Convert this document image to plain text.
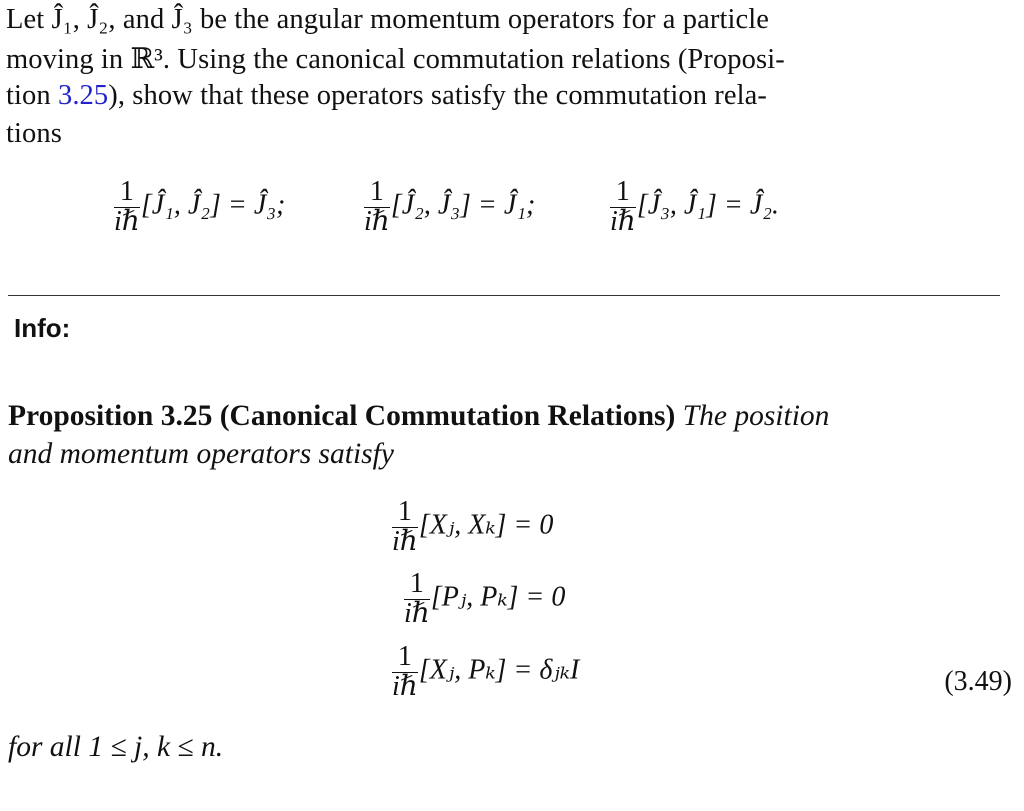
Let Ĵ₁, Ĵ₂, and Ĵ₃ be the angular momentum operators for a particle
moving in ℝ³. Using the canonical commutation relations (Proposi-
tion 3.25), show that these operators satisfy the commutation rela-
tions
$\frac{1}{\text{iℏ}}$ [Ĵ₁, Ĵ₂] = Ĵ₃;	$\frac{1}{\text{iℏ}}$ [Ĵ₂, Ĵ₃] = Ĵ₁;	$\frac{1}{\text{iℏ}}$ [Ĵ₃, Ĵ₁] = Ĵ₂.
Info:
Proposition 3.25 (Canonical Commutation Relations) The position
and momentum operators satisfy
$\frac{1}{\text{iℏ}}$ [Xⱼ, Xₖ] = 0
$\frac{1}{\text{iℏ}}$ [Pⱼ, Pₖ] = 0
$\frac{1}{\text{iℏ}}$ [Xⱼ, Pₖ] = δⱼₖI	(3.49)
for all 1 ≤ j, k ≤ n.
